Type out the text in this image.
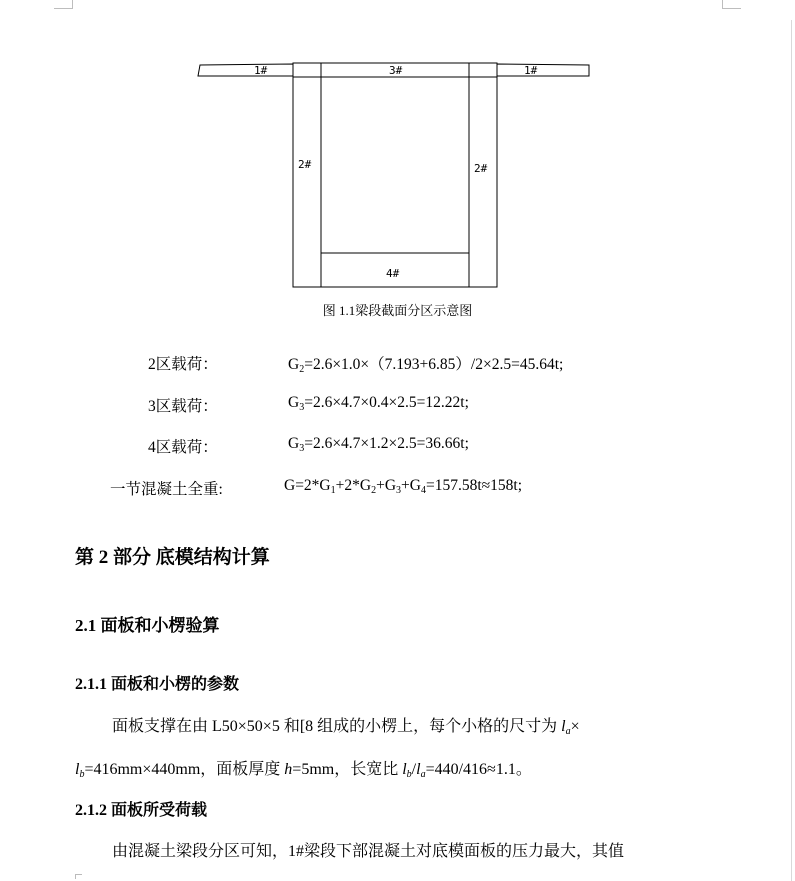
1#	3#	1#
2#	2#
4#
图 1.1梁段截面分区示意图
2区载荷：	$G_2=2.6\times 1.0\times(7.193+6.85)/2\times 2.5=45.64t$;
3区载荷：	$G_3=2.6\times 4.7\times 0.4\times 2.5=12.22t$;
4区载荷：	$G_3=2.6\times 4.7\times 1.2\times 2.5=36.66t$;
一节混凝土全重:	$G=2*G_1+2*G_2+G_3+G_4=157.58t\approx 158t$;
第 2 部分 底模结构计算
2.1 面板和小楞验算
2.1.1 面板和小楞的参数

面板支撑在由 L50×50×5 和[8 组成的小楞上，每个小格的尺寸为 $l_a\times$

$l_b=416mm\times 440mm$，面板厚度 h=5mm，长宽比 $l_b/l_a=440/416\approx 1.1$。

2.1.2 面板所受荷载

由混凝土梁段分区可知，1#梁段下部混凝土对底模面板的压力最大，其值
